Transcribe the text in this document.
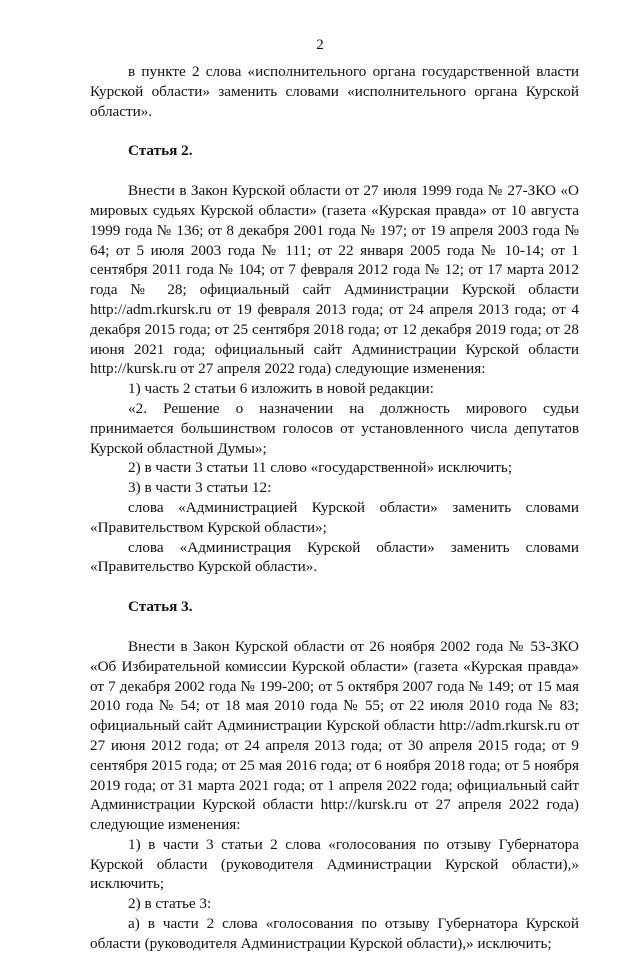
2

в пункте 2 слова «исполнительного органа государственной власти Курской области» заменить словами «исполнительного органа Курской области».

Статья 2.

Внести в Закон Курской области от 27 июля 1999 года № 27-ЗКО «О мировых судьях Курской области» (газета «Курская правда» от 10 августа 1999 года № 136; от 8 декабря 2001 года № 197; от 19 апреля 2003 года № 64; от 5 июля 2003 года № 111; от 22 января 2005 года № 10-14; от 1 сентября 2011 года № 104; от 7 февраля 2012 года № 12; от 17 марта 2012 года № 28; официальный сайт Администрации Курской области http://adm.rkursk.ru от 19 февраля 2013 года; от 24 апреля 2013 года; от 4 декабря 2015 года; от 25 сентября 2018 года; от 12 декабря 2019 года; от 28 июня 2021 года; официальный сайт Администрации Курской области http://kursk.ru от 27 апреля 2022 года) следующие изменения:

1) часть 2 статьи 6 изложить в новой редакции:

«2. Решение о назначении на должность мирового судьи принимается большинством голосов от установленного числа депутатов Курской областной Думы»;

2) в части 3 статьи 11 слово «государственной» исключить;

3) в части 3 статьи 12:

слова «Администрацией Курской области» заменить словами «Правительством Курской области»;

слова «Администрация Курской области» заменить словами «Правительство Курской области».

Статья 3.

Внести в Закон Курской области от 26 ноября 2002 года № 53-ЗКО «Об Избирательной комиссии Курской области» (газета «Курская правда» от 7 декабря 2002 года № 199-200; от 5 октября 2007 года № 149; от 15 мая 2010 года № 54; от 18 мая 2010 года № 55; от 22 июля 2010 года № 83; официальный сайт Администрации Курской области http://adm.rkursk.ru от 27 июня 2012 года; от 24 апреля 2013 года; от 30 апреля 2015 года; от 9 сентября 2015 года; от 25 мая 2016 года; от 6 ноября 2018 года; от 5 ноября 2019 года; от 31 марта 2021 года; от 1 апреля 2022 года; официальный сайт Администрации Курской области http://kursk.ru от 27 апреля 2022 года) следующие изменения:

1) в части 3 статьи 2 слова «голосования по отзыву Губернатора Курской области (руководителя Администрации Курской области),» исключить;

2) в статье 3:

а) в части 2 слова «голосования по отзыву Губернатора Курской области (руководителя Администрации Курской области),» исключить;
